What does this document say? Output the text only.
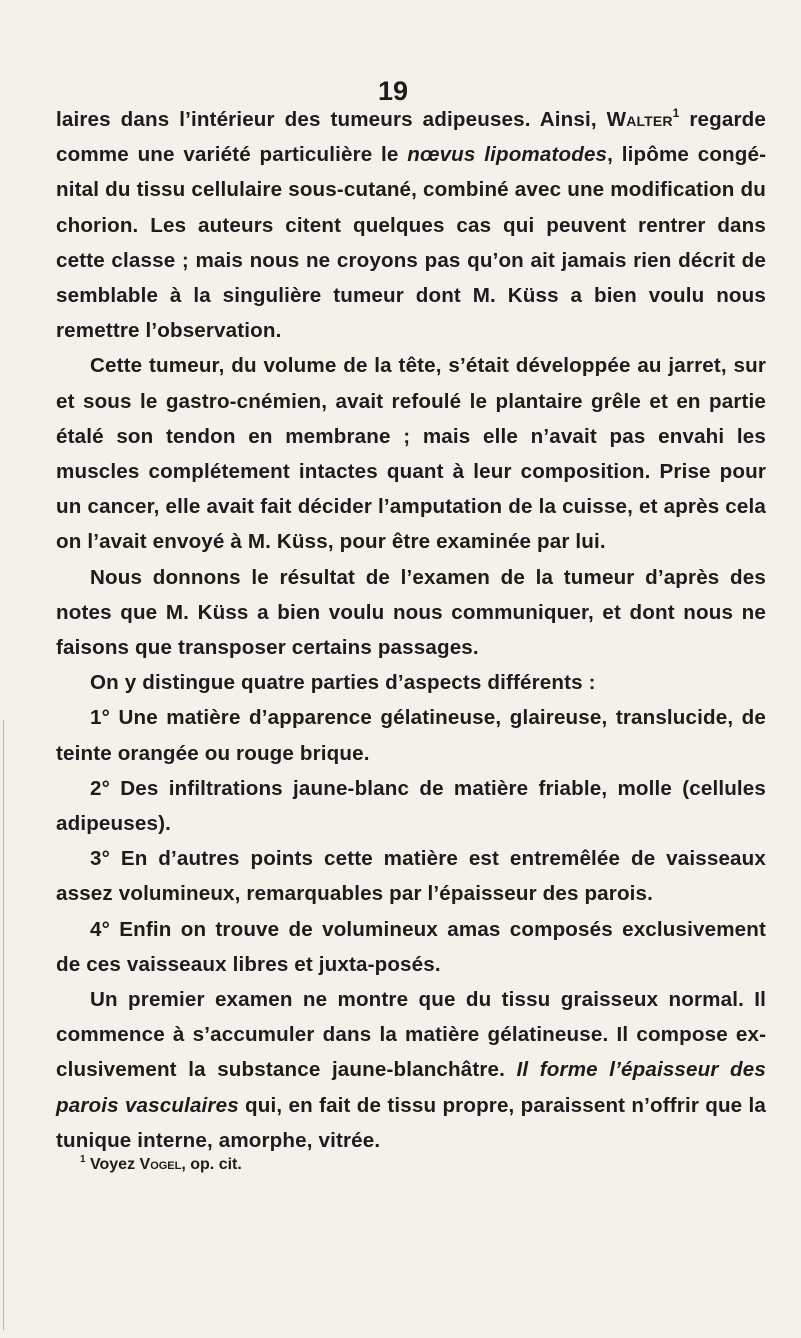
19

laires dans l’intérieur des tumeurs adipeuses. Ainsi, Walter$^1$ regarde comme une variété particulière le nœvus lipomatodes, lipôme congénital du tissu cellulaire sous-cutané, combiné avec une modification du chorion. Les auteurs citent quelques cas qui peuvent rentrer dans cette classe ; mais nous ne croyons pas qu’on ait jamais rien décrit de semblable à la singulière tumeur dont M. Küss a bien voulu nous remettre l’observation.

Cette tumeur, du volume de la tête, s’était développée au jarret, sur et sous le gastro-cnémien, avait refoulé le plantaire grêle et en partie étalé son tendon en membrane ; mais elle n’avait pas envahi les muscles complétement intactes quant à leur composition. Prise pour un cancer, elle avait fait décider l’amputation de la cuisse, et après cela on l’avait envoyé à M. Küss, pour être examinée par lui.

Nous donnons le résultat de l’examen de la tumeur d’après des notes que M. Küss a bien voulu nous communiquer, et dont nous ne faisons que transposer certains passages.

On y distingue quatre parties d’aspects différents :

1° Une matière d’apparence gélatineuse, glaireuse, translucide, de teinte orangée ou rouge brique.

2° Des infiltrations jaune-blanc de matière friable, molle (cellules adipeuses).

3° En d’autres points cette matière est entremêlée de vaisseaux assez volumineux, remarquables par l’épaisseur des parois.

4° Enfin on trouve de volumineux amas composés exclusivement de ces vaisseaux libres et juxta-posés.

Un premier examen ne montre que du tissu graisseux normal. Il commence à s’accumuler dans la matière gélatineuse. Il compose exclusivement la substance jaune-blanchâtre. Il forme l’épaisseur des parois vasculaires qui, en fait de tissu propre, paraissent n’offrir que la tunique interne, amorphe, vitrée.

$^1$ Voyez Vogel, op. cit.
